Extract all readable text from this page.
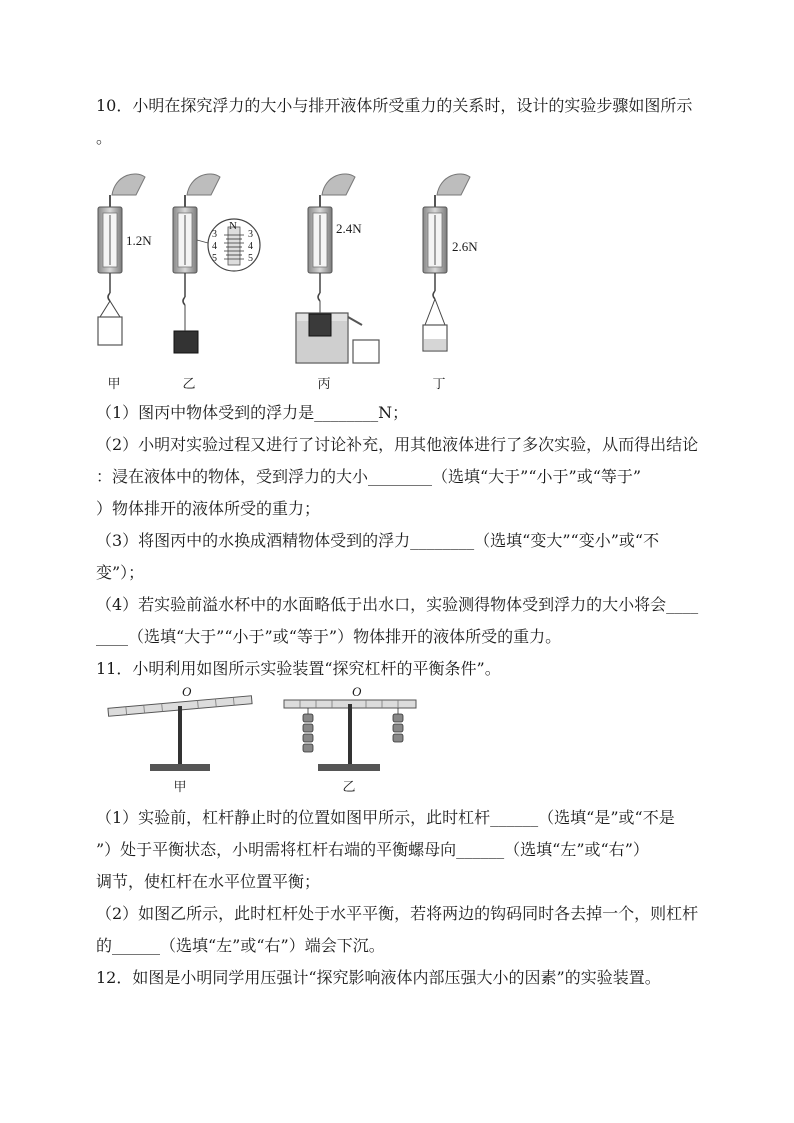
10．小明在探究浮力的大小与排开液体所受重力的关系时，设计的实验步骤如图所示
。
1.2N
2.4N
2.6N
N
3
4
5
3
4
5
甲	乙	丙	丁
（1）图丙中物体受到的浮力是________N；
（2）小明对实验过程又进行了讨论补充，用其他液体进行了多次实验，从而得出结论
：浸在液体中的物体，受到浮力的大小________（选填“大于”“小于”或“等于”
）物体排开的液体所受的重力；
（3）将图丙中的水换成酒精物体受到的浮力________（选填“变大”“变小”或“不
变”）；
（4）若实验前溢水杯中的水面略低于出水口，实验测得物体受到浮力的大小将会____
____（选填“大于”“小于”或“等于”）物体排开的液体所受的重力。
11．小明利用如图所示实验装置“探究杠杆的平衡条件”。
O	O
甲	乙
（1）实验前，杠杆静止时的位置如图甲所示，此时杠杆______（选填“是”或“不是
”）处于平衡状态，小明需将杠杆右端的平衡螺母向______（选填“左”或“右”）
调节，使杠杆在水平位置平衡；
（2）如图乙所示，此时杠杆处于水平平衡，若将两边的钩码同时各去掉一个，则杠杆
的______（选填“左”或“右”）端会下沉。
12．如图是小明同学用压强计“探究影响液体内部压强大小的因素”的实验装置。
